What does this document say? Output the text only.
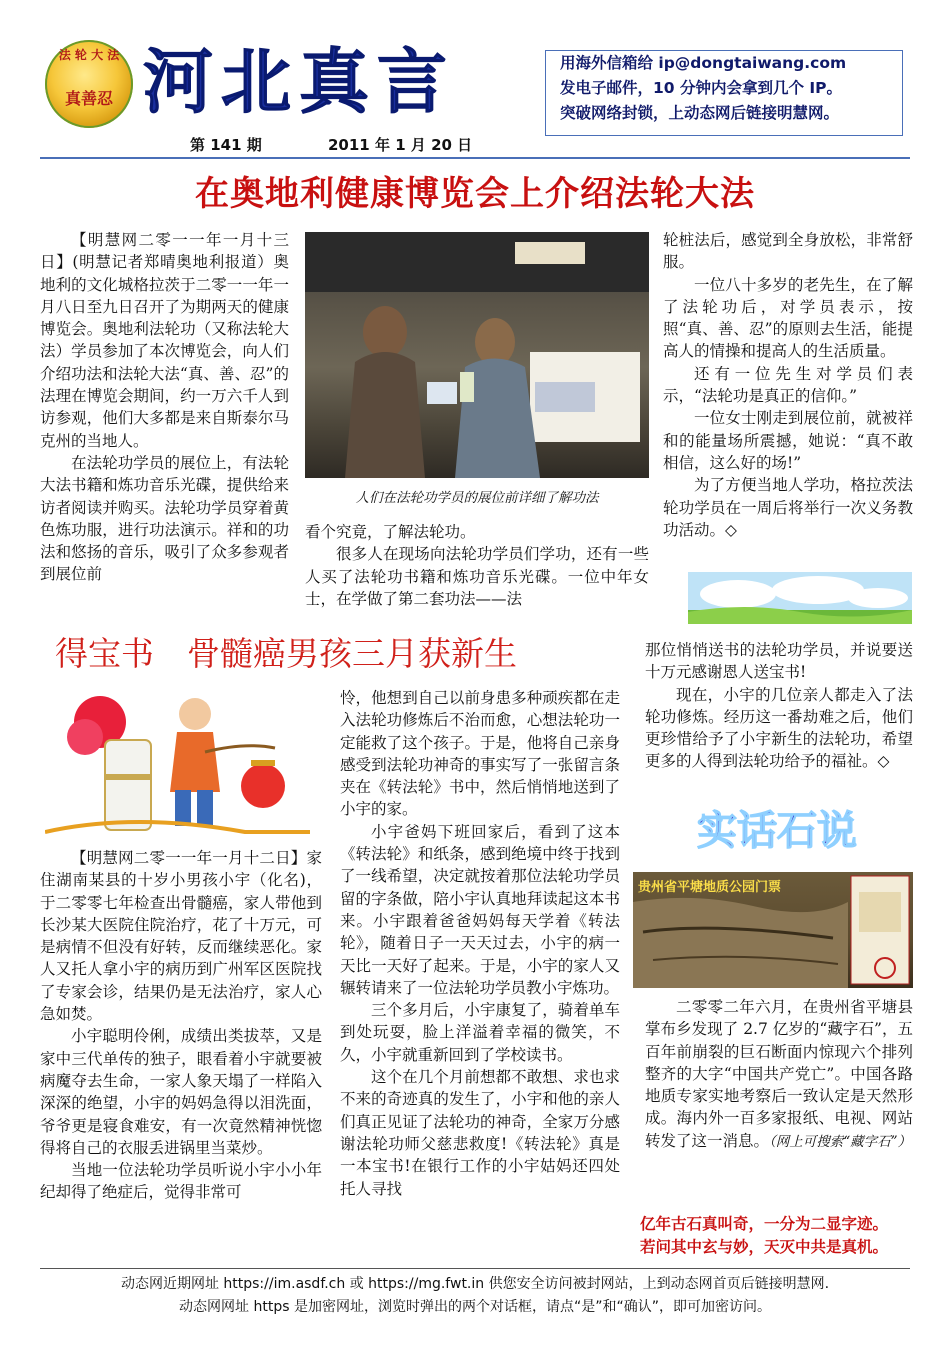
法 轮 大 法
真善忍 河北真言	用海外信箱给 ip@dongtaiwang.com
发电子邮件，10 分钟内会拿到几个 IP。
突破网络封锁，上动态网后链接明慧网。
第 141 期	2011 年 1 月 20 日
在奥地利健康博览会上介绍法轮大法

【明慧网二零一一年一月十三日】(明慧记者郑晴奥地利报道）奥地利的文化城格拉茨于二零一一年一月八日至九日召开了为期两天的健康博览会。奥地利法轮功（又称法轮大法）学员参加了本次博览会，向人们介绍功法和法轮大法“真、善、忍”的法理在博览会期间，约一万六千人到访参观，他们大多都是来自斯泰尔马克州的当地人。

在法轮功学员的展位上，有法轮大法书籍和炼功音乐光碟，提供给来访者阅读并购买。法轮功学员穿着黄色炼功服，进行功法演示。祥和的功法和悠扬的音乐，吸引了众多参观者到展位前

人们在法轮功学员的展位前详细了解功法

看个究竟，了解法轮功。

很多人在现场向法轮功学员们学功，还有一些人买了法轮功书籍和炼功音乐光碟。一位中年女士，在学做了第二套功法——法

轮桩法后，感觉到全身放松，非常舒服。

一位八十多岁的老先生，在了解了法轮功后，对学员表示，按照“真、善、忍”的原则去生活，能提高人的情操和提高人的生活质量。

还有一位先生对学员们表示，“法轮功是真正的信仰。”

一位女士刚走到展位前，就被祥和的能量场所震撼，她说：“真不敢相信，这么好的场!”

为了方便当地人学功，格拉茨法轮功学员在一周后将举行一次义务教功活动。◇

得宝书　骨髓癌男孩三月获新生

【明慧网二零一一年一月十二日】家住湖南某县的十岁小男孩小宇（化名)，于二零零七年检查出骨髓癌，家人带他到长沙某大医院住院治疗，花了十万元，可是病情不但没有好转，反而继续恶化。家人又托人拿小宇的病历到广州军区医院找了专家会诊，结果仍是无法治疗，家人心急如焚。

小宇聪明伶俐，成绩出类拔萃，又是家中三代单传的独子，眼看着小宇就要被病魔夺去生命，一家人象天塌了一样陷入深深的绝望，小宇的妈妈急得以泪洗面，爷爷更是寝食难安，有一次竟然精神恍惚得将自己的衣服丢进锅里当菜炒。

当地一位法轮功学员听说小宇小小年纪却得了绝症后，觉得非常可

怜，他想到自己以前身患多种顽疾都在走入法轮功修炼后不治而愈，心想法轮功一定能救了这个孩子。于是，他将自己亲身感受到法轮功神奇的事实写了一张留言条夹在《转法轮》书中，然后悄悄地送到了小宇的家。

小宇爸妈下班回家后，看到了这本《转法轮》和纸条，感到绝境中终于找到了一线希望，决定就按着那位法轮功学员留的字条做，陪小宇认真地拜读起这本书来。小宇跟着爸爸妈妈每天学着《转法轮》，随着日子一天天过去，小宇的病一天比一天好了起来。于是，小宇的家人又辗转请来了一位法轮功学员教小宇炼功。

三个多月后，小宇康复了，骑着单车到处玩耍，脸上洋溢着幸福的微笑，不久，小宇就重新回到了学校读书。

这个在几个月前想都不敢想、求也求不来的奇迹真的发生了，小宇和他的亲人们真正见证了法轮功的神奇，全家万分感谢法轮功师父慈悲救度!《转法轮》真是一本宝书!在银行工作的小宇姑妈还四处托人寻找

那位悄悄送书的法轮功学员，并说要送十万元感谢恩人送宝书!

现在，小宇的几位亲人都走入了法轮功修炼。经历这一番劫难之后，他们更珍惜给予了小宇新生的法轮功，希望更多的人得到法轮功给予的福祉。◇

实话石说
贵州省平塘地质公园门票

二零零二年六月，在贵州省平塘县掌布乡发现了 2.7 亿岁的“藏字石”，五百年前崩裂的巨石断面内惊现六个排列整齐的大字“中国共产党亡”。中国各路地质专家实地考察后一致认定是天然形成。海内外一百多家报纸、电视、网站转发了这一消息。（网上可搜索“藏字石”）

亿年古石真叫奇，一分为二显字迹。
若问其中玄与妙，天灭中共是真机。
动态网近期网址 https://im.asdf.ch 或 https://mg.fwt.in 供您安全访问被封网站，上到动态网首页后链接明慧网.
动态网网址 https 是加密网址，浏览时弹出的两个对话框，请点“是”和“确认”，即可加密访问。
